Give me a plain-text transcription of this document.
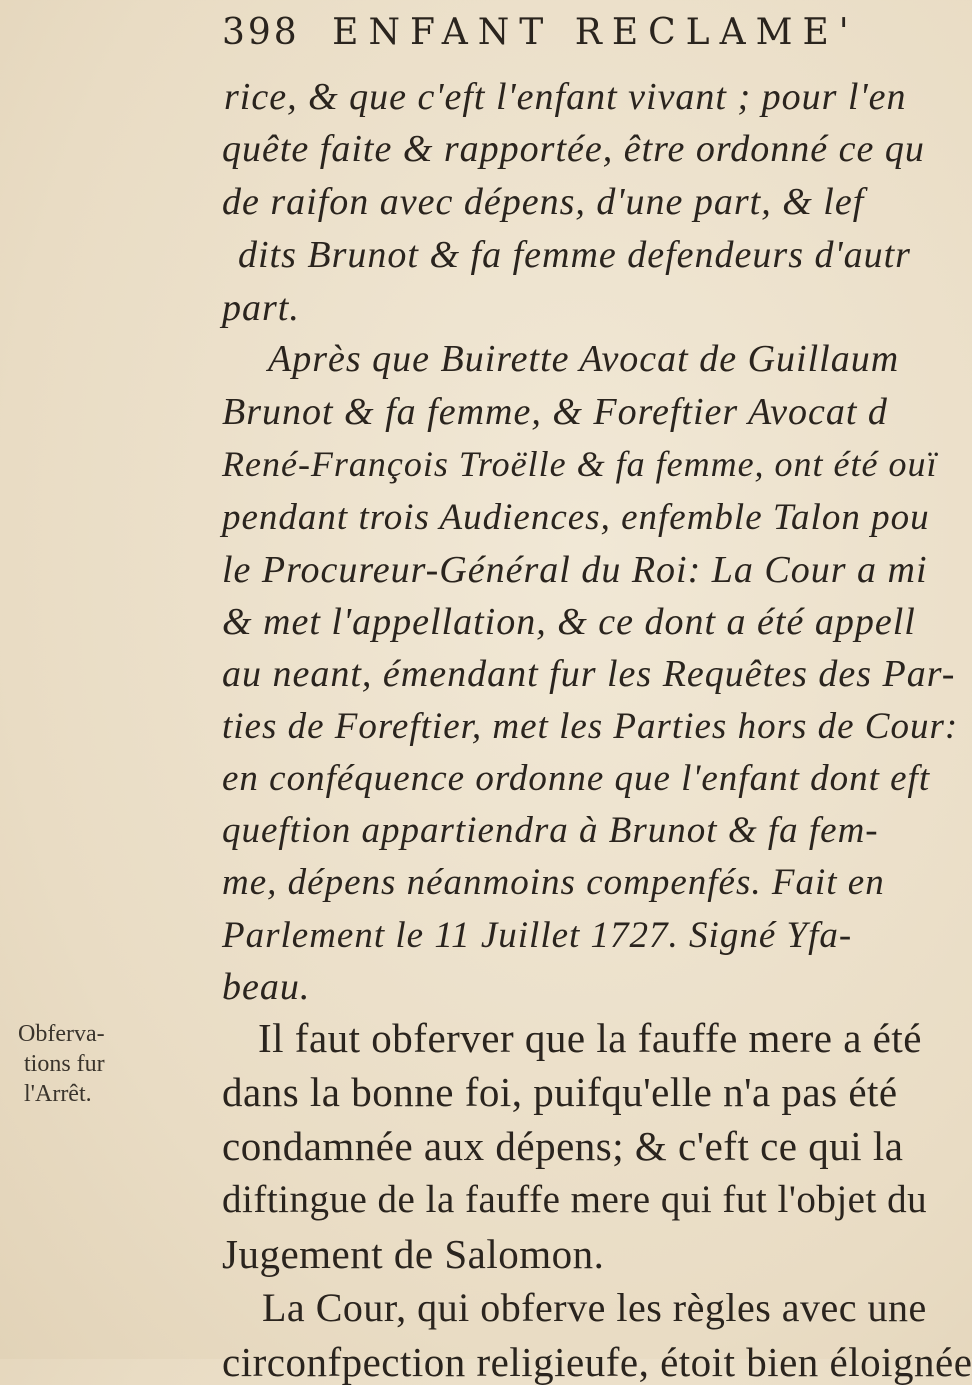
398 ENFANT RECLAME'
rice, & que c'eft l'enfant vivant ; pour l'en
quête faite & rapportée, être ordonné ce qu
de raifon avec dépens, d'une part, & lef
dits Brunot & fa femme defendeurs d'autr
part.
Après que Buirette Avocat de Guillaum
Brunot & fa femme, & Foreftier Avocat d
René-François Troëlle & fa femme, ont été ouï
pendant trois Audiences, enfemble Talon pou
le Procureur-Général du Roi: La Cour a mi
& met l'appellation, & ce dont a été appell
au neant, émendant fur les Requêtes des Par-
ties de Foreftier, met les Parties hors de Cour:
en conféquence ordonne que l'enfant dont eft
queftion appartiendra à Brunot & fa fem-
me, dépens néanmoins compenfés. Fait en
Parlement le 11 Juillet 1727. Signé Yfa-
beau.
Obferva-
tions fur
l'Arrêt.
Il faut obferver que la fauffe mere a été
dans la bonne foi, puifqu'elle n'a pas été
condamnée aux dépens; & c'eft ce qui la
diftingue de la fauffe mere qui fut l'objet du
Jugement de Salomon.
La Cour, qui obferve les règles avec une
circonfpection religieufe, étoit bien éloignée
